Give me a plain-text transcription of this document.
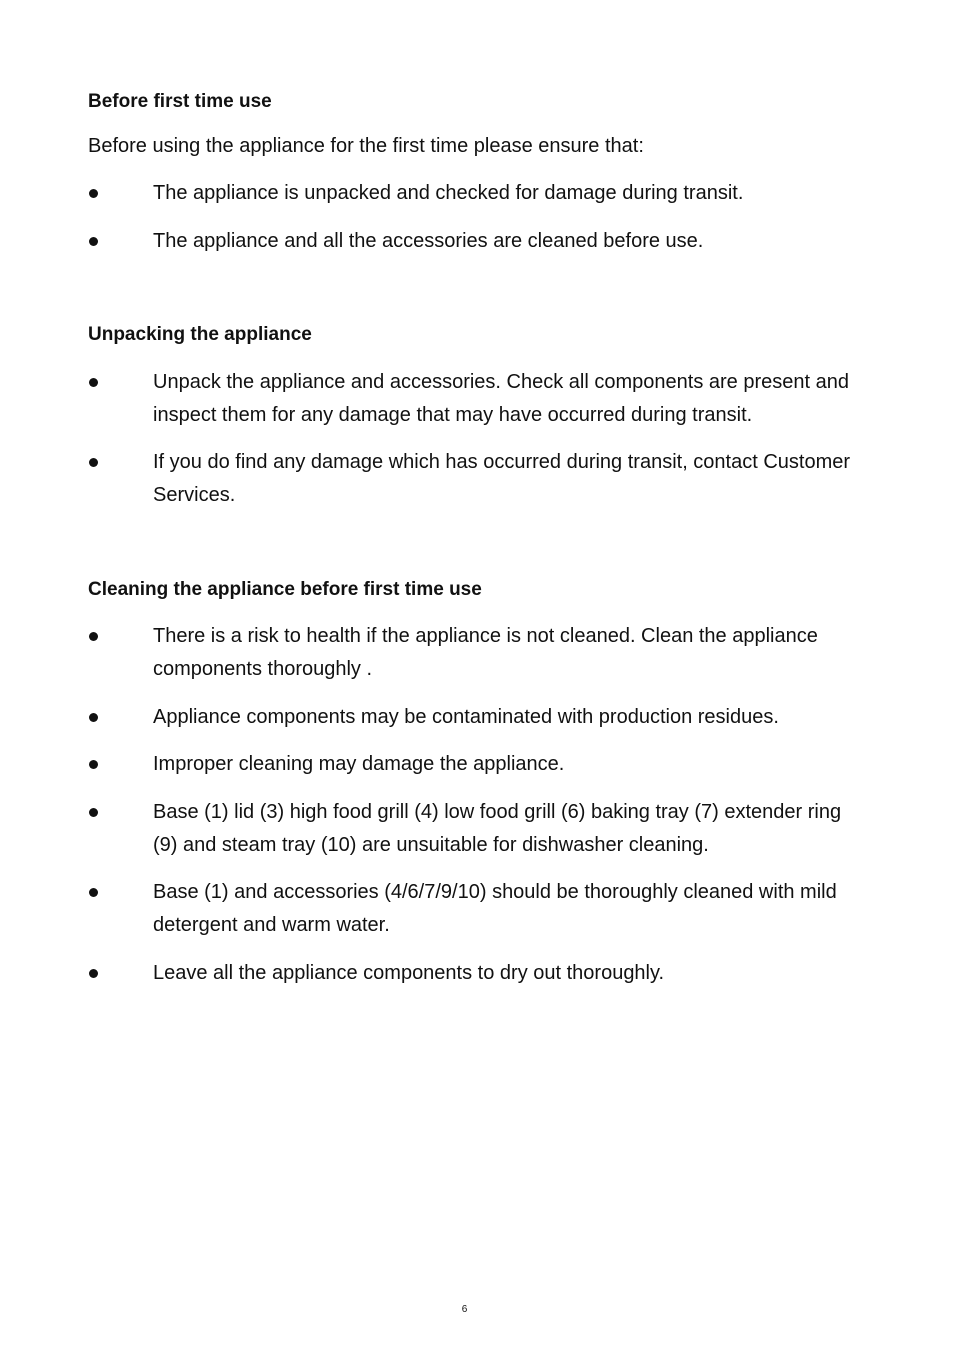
Before first time use

Before using the appliance for the first time please ensure that:

The appliance is unpacked and checked for damage during transit.
The appliance and all the accessories are cleaned before use.
Unpacking the appliance
Unpack the appliance and accessories. Check all components are present and inspect them for any damage that may have occurred during transit.
If you do find any damage which has occurred during transit, contact Customer Services.
Cleaning the appliance before first time use
There is a risk to health if the appliance is not cleaned. Clean the appliance components thoroughly .
Appliance components may be contaminated with production residues.
Improper cleaning may damage the appliance.
Base (1) lid (3) high food grill (4) low food grill (6) baking tray (7) extender ring (9) and steam tray (10) are unsuitable for dishwasher cleaning.
Base (1) and accessories (4/6/7/9/10) should be thoroughly cleaned with mild detergent and warm water.
Leave all the appliance components to dry out thoroughly.
6
